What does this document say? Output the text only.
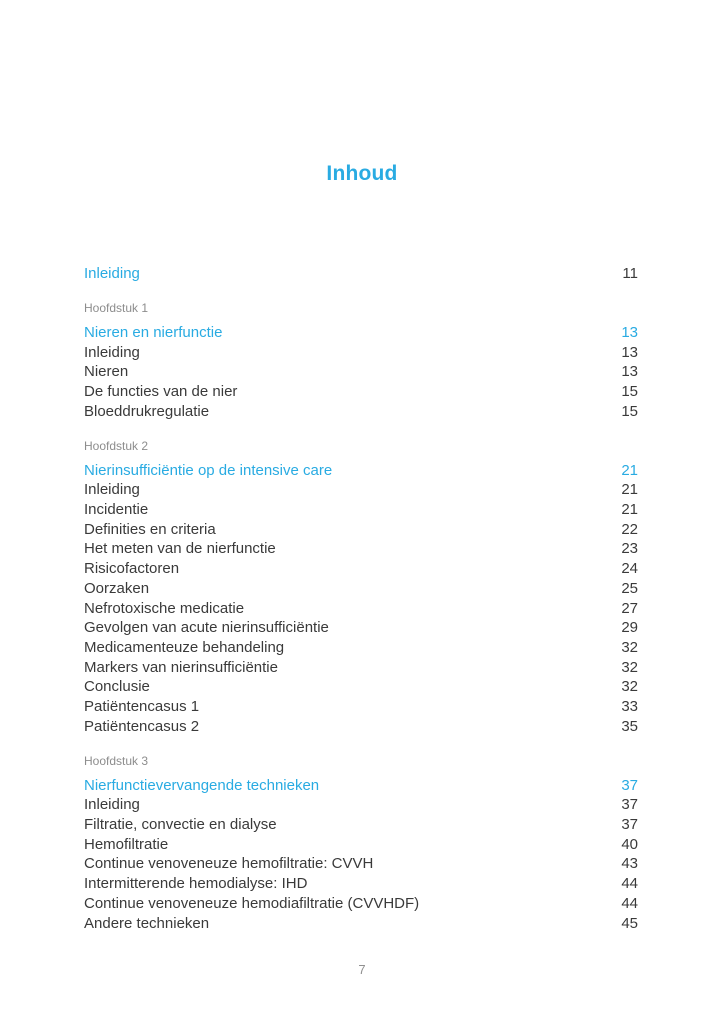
Inhoud
Inleiding	11
Hoofdstuk 1
Nieren en nierfunctie	13
Inleiding	13
Nieren	13
De functies van de nier	15
Bloeddrukregulatie	15
Hoofdstuk 2
Nierinsufficiëntie op de intensive care	21
Inleiding	21
Incidentie	21
Definities en criteria	22
Het meten van de nierfunctie	23
Risicofactoren	24
Oorzaken	25
Nefrotoxische medicatie	27
Gevolgen van acute nierinsufficiëntie	29
Medicamenteuze behandeling	32
Markers van nierinsufficiëntie	32
Conclusie	32
Patiëntencasus 1	33
Patiëntencasus 2	35
Hoofdstuk 3
Nierfunctievervangende technieken	37
Inleiding	37
Filtratie, convectie en dialyse	37
Hemofiltratie	40
Continue venoveneuze hemofiltratie: CVVH	43
Intermitterende hemodialyse: IHD	44
Continue venoveneuze hemodiafiltratie (CVVHDF)	44
Andere technieken	45
7
